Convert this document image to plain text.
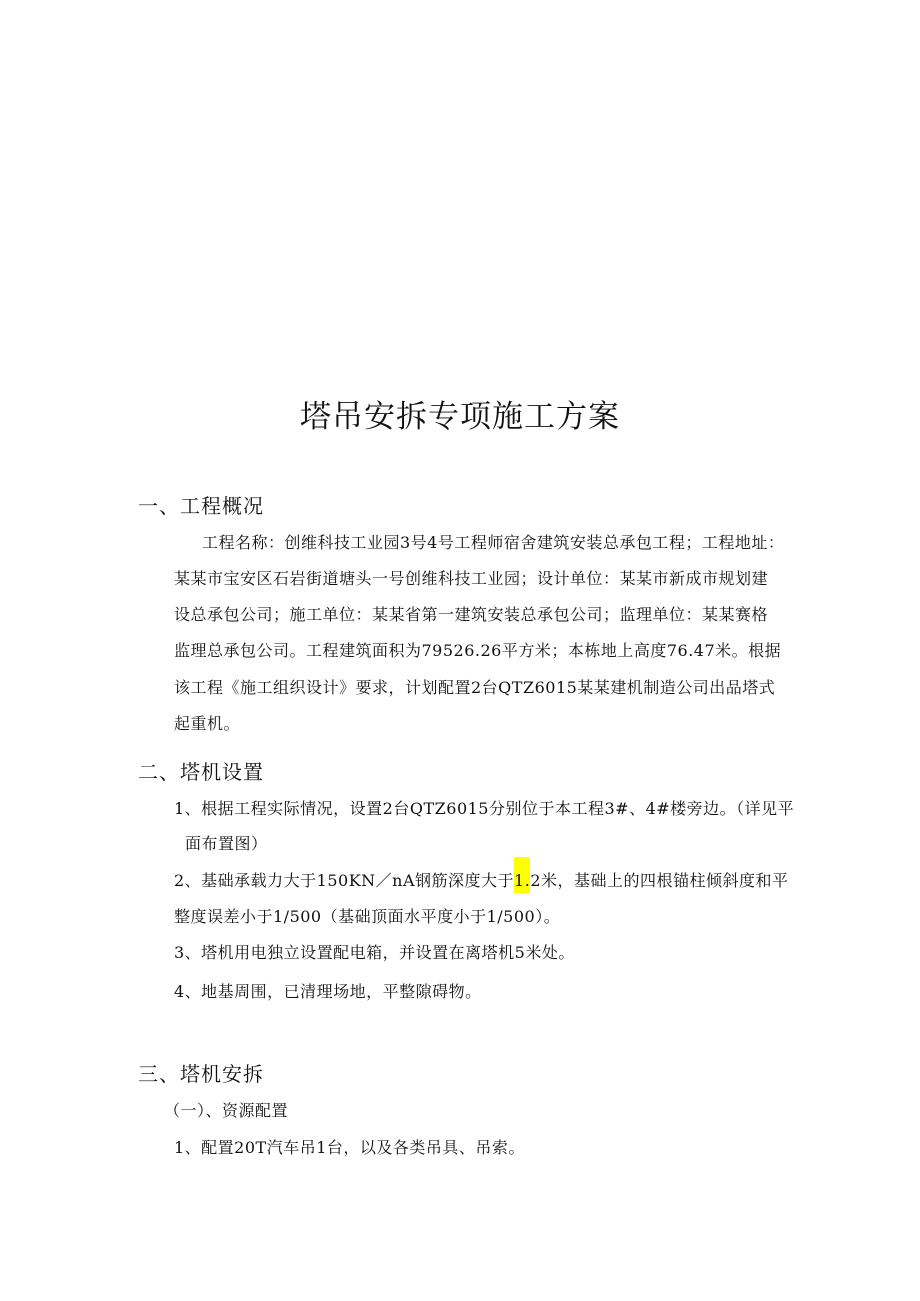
塔吊安拆专项施工方案
一、工程概况
工程名称：创维科技工业园3号4号工程师宿舍建筑安装总承包工程；工程地址：
某某市宝安区石岩街道塘头一号创维科技工业园；设计单位：某某市新成市规划建
设总承包公司；施工单位：某某省第一建筑安装总承包公司；监理单位：某某赛格
监理总承包公司。工程建筑面积为79526.26平方米；本栋地上高度76.47米。根据
该工程《施工组织设计》要求，计划配置2台QTZ6015某某建机制造公司出品塔式
起重机。
二、塔机设置
1、根据工程实际情况，设置2台QTZ6015分别位于本工程3#、4#楼旁边。（详见平
面布置图）
2、基础承载力大于150KN／nA钢筋深度大于1.2米，基础上的四根锚柱倾斜度和平
整度误差小于1/500（基础顶面水平度小于1/500）。
3、塔机用电独立设置配电箱，并设置在离塔机5米处。
4、地基周围，已清理场地，平整隙碍物。
三、塔机安拆
（一）、资源配置
1、配置20T汽车吊1台，以及各类吊具、吊索。
